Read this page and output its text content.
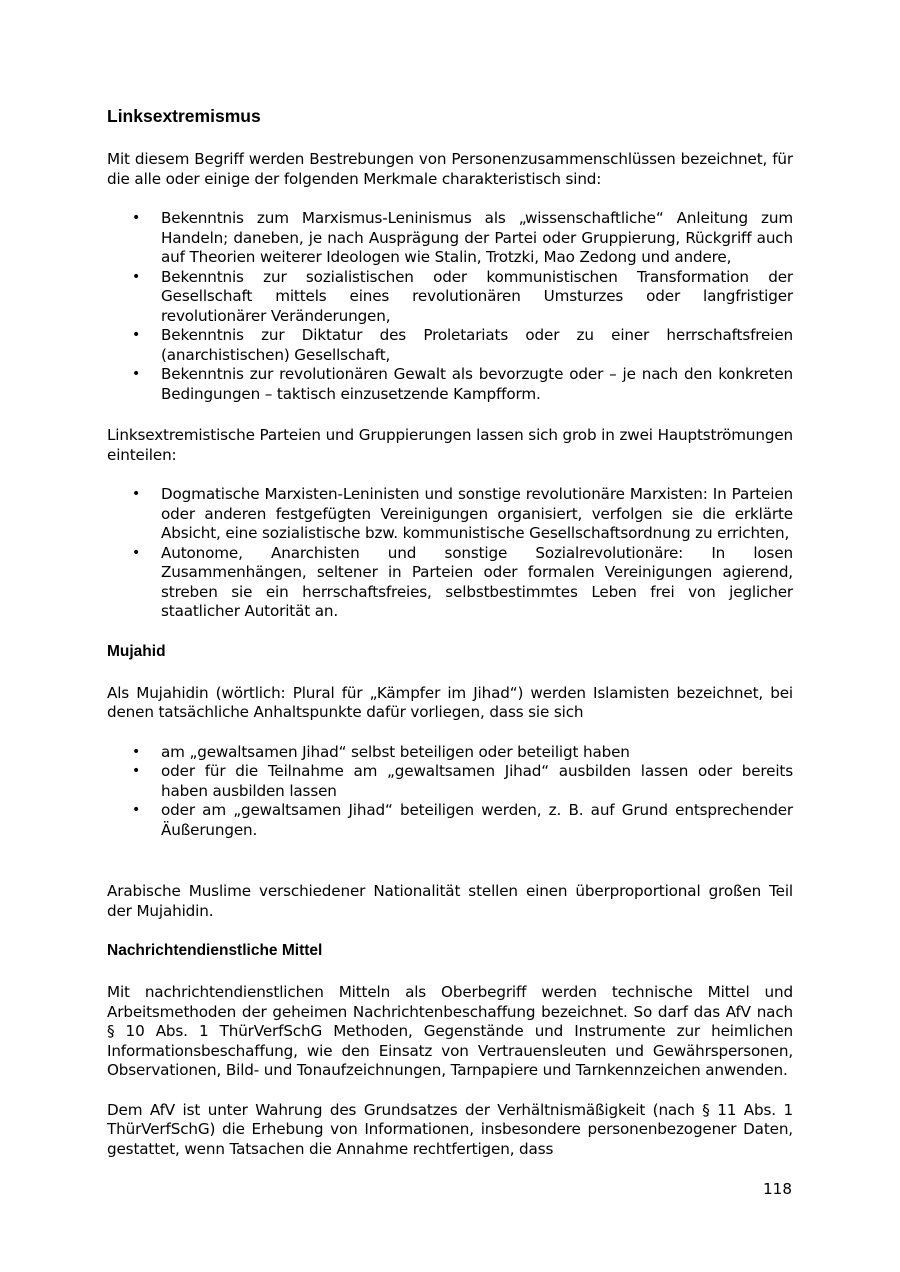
Linksextremismus

Mit diesem Begriff werden Bestrebungen von Personenzusammenschlüssen bezeichnet, für die alle oder einige der folgenden Merkmale charakteristisch sind:

• Bekenntnis zum Marxismus-Leninismus als „wissenschaftliche“ Anleitung zum Handeln; daneben, je nach Ausprägung der Partei oder Gruppierung, Rückgriff auch auf Theorien weiterer Ideologen wie Stalin, Trotzki, Mao Zedong und andere,
• Bekenntnis zur sozialistischen oder kommunistischen Transformation der Gesellschaft mittels eines revolutionären Umsturzes oder langfristiger revolutionärer Veränderungen,
• Bekenntnis zur Diktatur des Proletariats oder zu einer herrschaftsfreien (anarchistischen) Gesellschaft,
• Bekenntnis zur revolutionären Gewalt als bevorzugte oder – je nach den konkreten Bedingungen – taktisch einzusetzende Kampfform.

Linksextremistische Parteien und Gruppierungen lassen sich grob in zwei Hauptströmungen einteilen:

• Dogmatische Marxisten-Leninisten und sonstige revolutionäre Marxisten: In Parteien oder anderen festgefügten Vereinigungen organisiert, verfolgen sie die erklärte Absicht, eine sozialistische bzw. kommunistische Gesellschaftsordnung zu errichten,
• Autonome, Anarchisten und sonstige Sozialrevolutionäre: In losen Zusammenhängen, seltener in Parteien oder formalen Vereinigungen agierend, streben sie ein herrschaftsfreies, selbstbestimmtes Leben frei von jeglicher staatlicher Autorität an.
Mujahid

Als Mujahidin (wörtlich: Plural für „Kämpfer im Jihad“) werden Islamisten bezeichnet, bei denen tatsächliche Anhaltspunkte dafür vorliegen, dass sie sich

• am „gewaltsamen Jihad“ selbst beteiligen oder beteiligt haben
• oder für die Teilnahme am „gewaltsamen Jihad“ ausbilden lassen oder bereits haben ausbilden lassen
• oder am „gewaltsamen Jihad“ beteiligen werden, z. B. auf Grund entsprechender Äußerungen.

Arabische Muslime verschiedener Nationalität stellen einen überproportional großen Teil der Mujahidin.

Nachrichtendienstliche Mittel

Mit nachrichtendienstlichen Mitteln als Oberbegriff werden technische Mittel und Arbeitsmethoden der geheimen Nachrichtenbeschaffung bezeichnet. So darf das AfV nach § 10 Abs. 1 ThürVerfSchG Methoden, Gegenstände und Instrumente zur heimlichen Informationsbeschaffung, wie den Einsatz von Vertrauensleuten und Gewährspersonen, Observationen, Bild- und Tonaufzeichnungen, Tarnpapiere und Tarnkennzeichen anwenden.

Dem AfV ist unter Wahrung des Grundsatzes der Verhältnismäßigkeit (nach § 11 Abs. 1 ThürVerfSchG) die Erhebung von Informationen, insbesondere personenbezogener Daten, gestattet, wenn Tatsachen die Annahme rechtfertigen, dass

118
